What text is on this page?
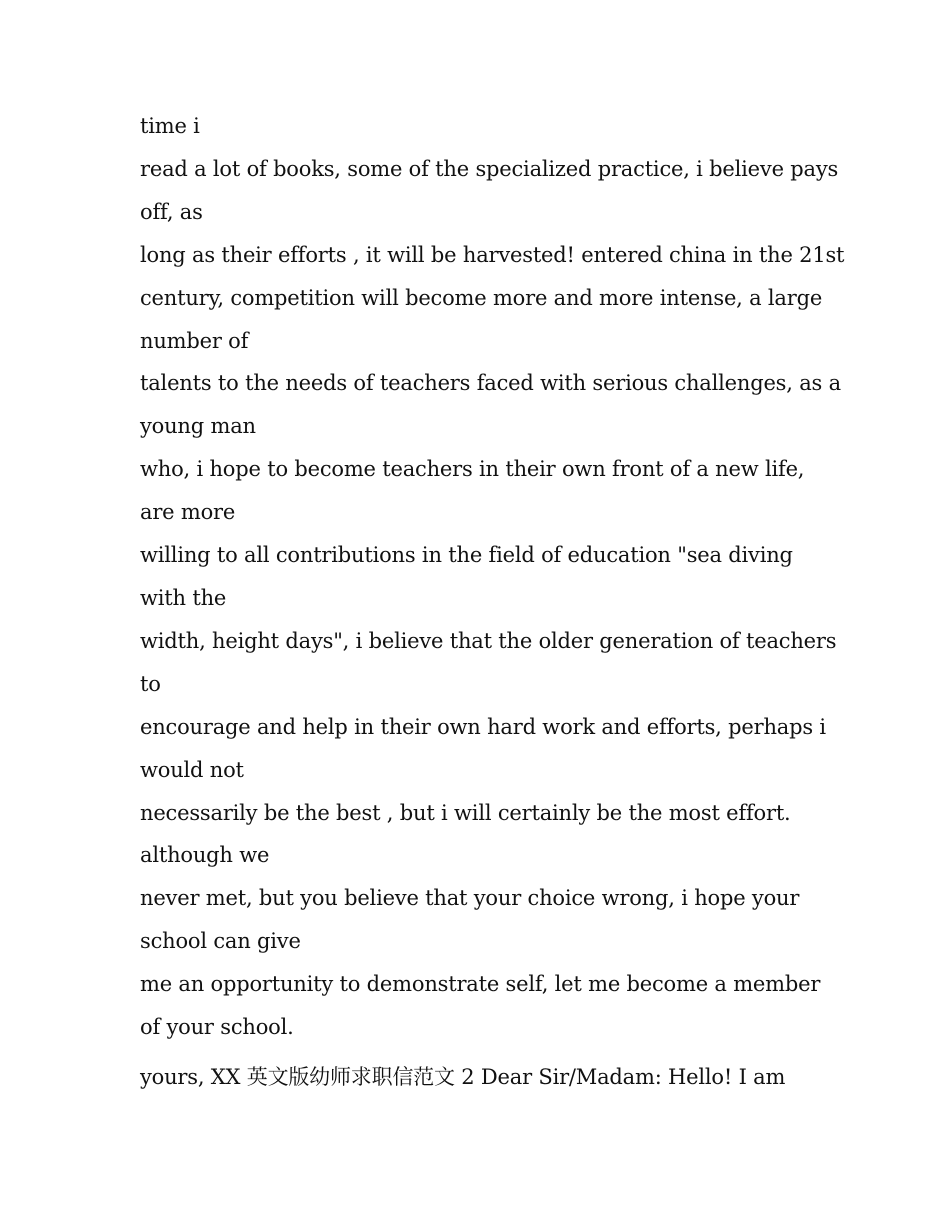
time i
read a lot of books, some of the specialized practice, i believe pays
off, as
long as their efforts , it will be harvested! entered china in the 21st
century, competition will become more and more intense, a large
number of
talents to the needs of teachers faced with serious challenges, as a
young man
who, i hope to become teachers in their own front of a new life,
are more
willing to all contributions in the field of education "sea diving
with the
width, height days", i believe that the older generation of teachers
to
encourage and help in their own hard work and efforts, perhaps i
would not
necessarily be the best , but i will certainly be the most effort.
although we
never met, but you believe that your choice wrong, i hope your
school can give
me an opportunity to demonstrate self, let me become a member
of your school.
yours, XX 英文版幼师求职信范文 2 Dear Sir/Madam: Hello! I am
